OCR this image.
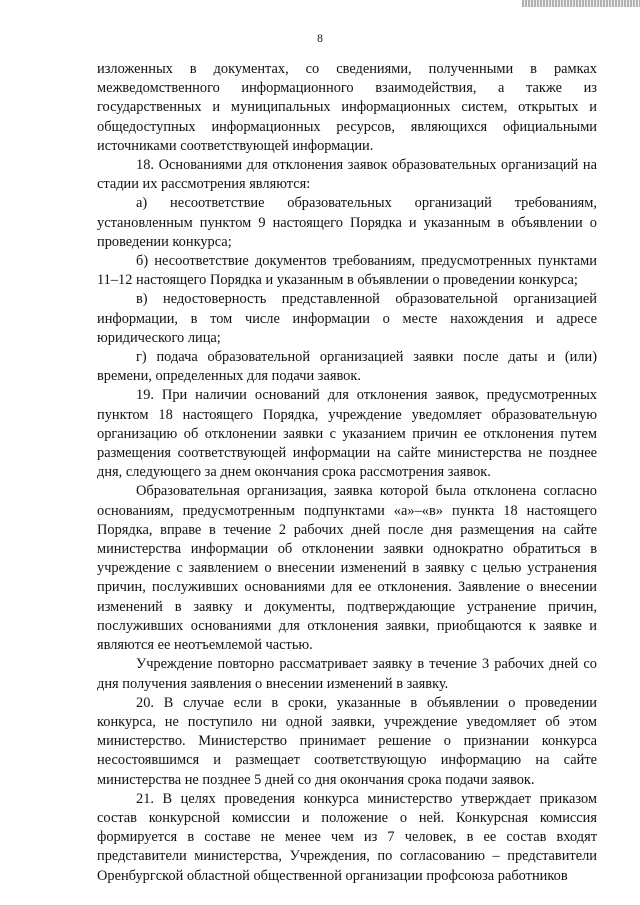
8

изложенных в документах, со сведениями, полученными в рамках межведомственного информационного взаимодействия, а также из государственных и муниципальных информационных систем, открытых и общедоступных информационных ресурсов, являющихся официальными источниками соответствующей информации.

18. Основаниями для отклонения заявок образовательных организаций на стадии их рассмотрения являются:

а) несоответствие образовательных организаций требованиям, установленным пунктом 9 настоящего Порядка и указанным в объявлении о проведении конкурса;

б) несоответствие документов требованиям, предусмотренных пунктами 11–12 настоящего Порядка и указанным в объявлении о проведении конкурса;

в) недостоверность представленной образовательной организацией информации, в том числе информации о месте нахождения и адресе юридического лица;

г) подача образовательной организацией заявки после даты и (или) времени, определенных для подачи заявок.

19. При наличии оснований для отклонения заявок, предусмотренных пунктом 18 настоящего Порядка, учреждение уведомляет образовательную организацию об отклонении заявки с указанием причин ее отклонения путем размещения соответствующей информации на сайте министерства не позднее дня, следующего за днем окончания срока рассмотрения заявок.

Образовательная организация, заявка которой была отклонена согласно основаниям, предусмотренным подпунктами «а»–«в» пункта 18 настоящего Порядка, вправе в течение 2 рабочих дней после дня размещения на сайте министерства информации об отклонении заявки однократно обратиться в учреждение с заявлением о внесении изменений в заявку с целью устранения причин, послуживших основаниями для ее отклонения. Заявление о внесении изменений в заявку и документы, подтверждающие устранение причин, послуживших основаниями для отклонения заявки, приобщаются к заявке и являются ее неотъемлемой частью.

Учреждение повторно рассматривает заявку в течение 3 рабочих дней со дня получения заявления о внесении изменений в заявку.

20. В случае если в сроки, указанные в объявлении о проведении конкурса, не поступило ни одной заявки, учреждение уведомляет об этом министерство. Министерство принимает решение о признании конкурса несостоявшимся и размещает соответствующую информацию на сайте министерства не позднее 5 дней со дня окончания срока подачи заявок.

21. В целях проведения конкурса министерство утверждает приказом состав конкурсной комиссии и положение о ней. Конкурсная комиссия формируется в составе не менее чем из 7 человек, в ее состав входят представители министерства, Учреждения, по согласованию – представители Оренбургской областной общественной организации профсоюза работников
